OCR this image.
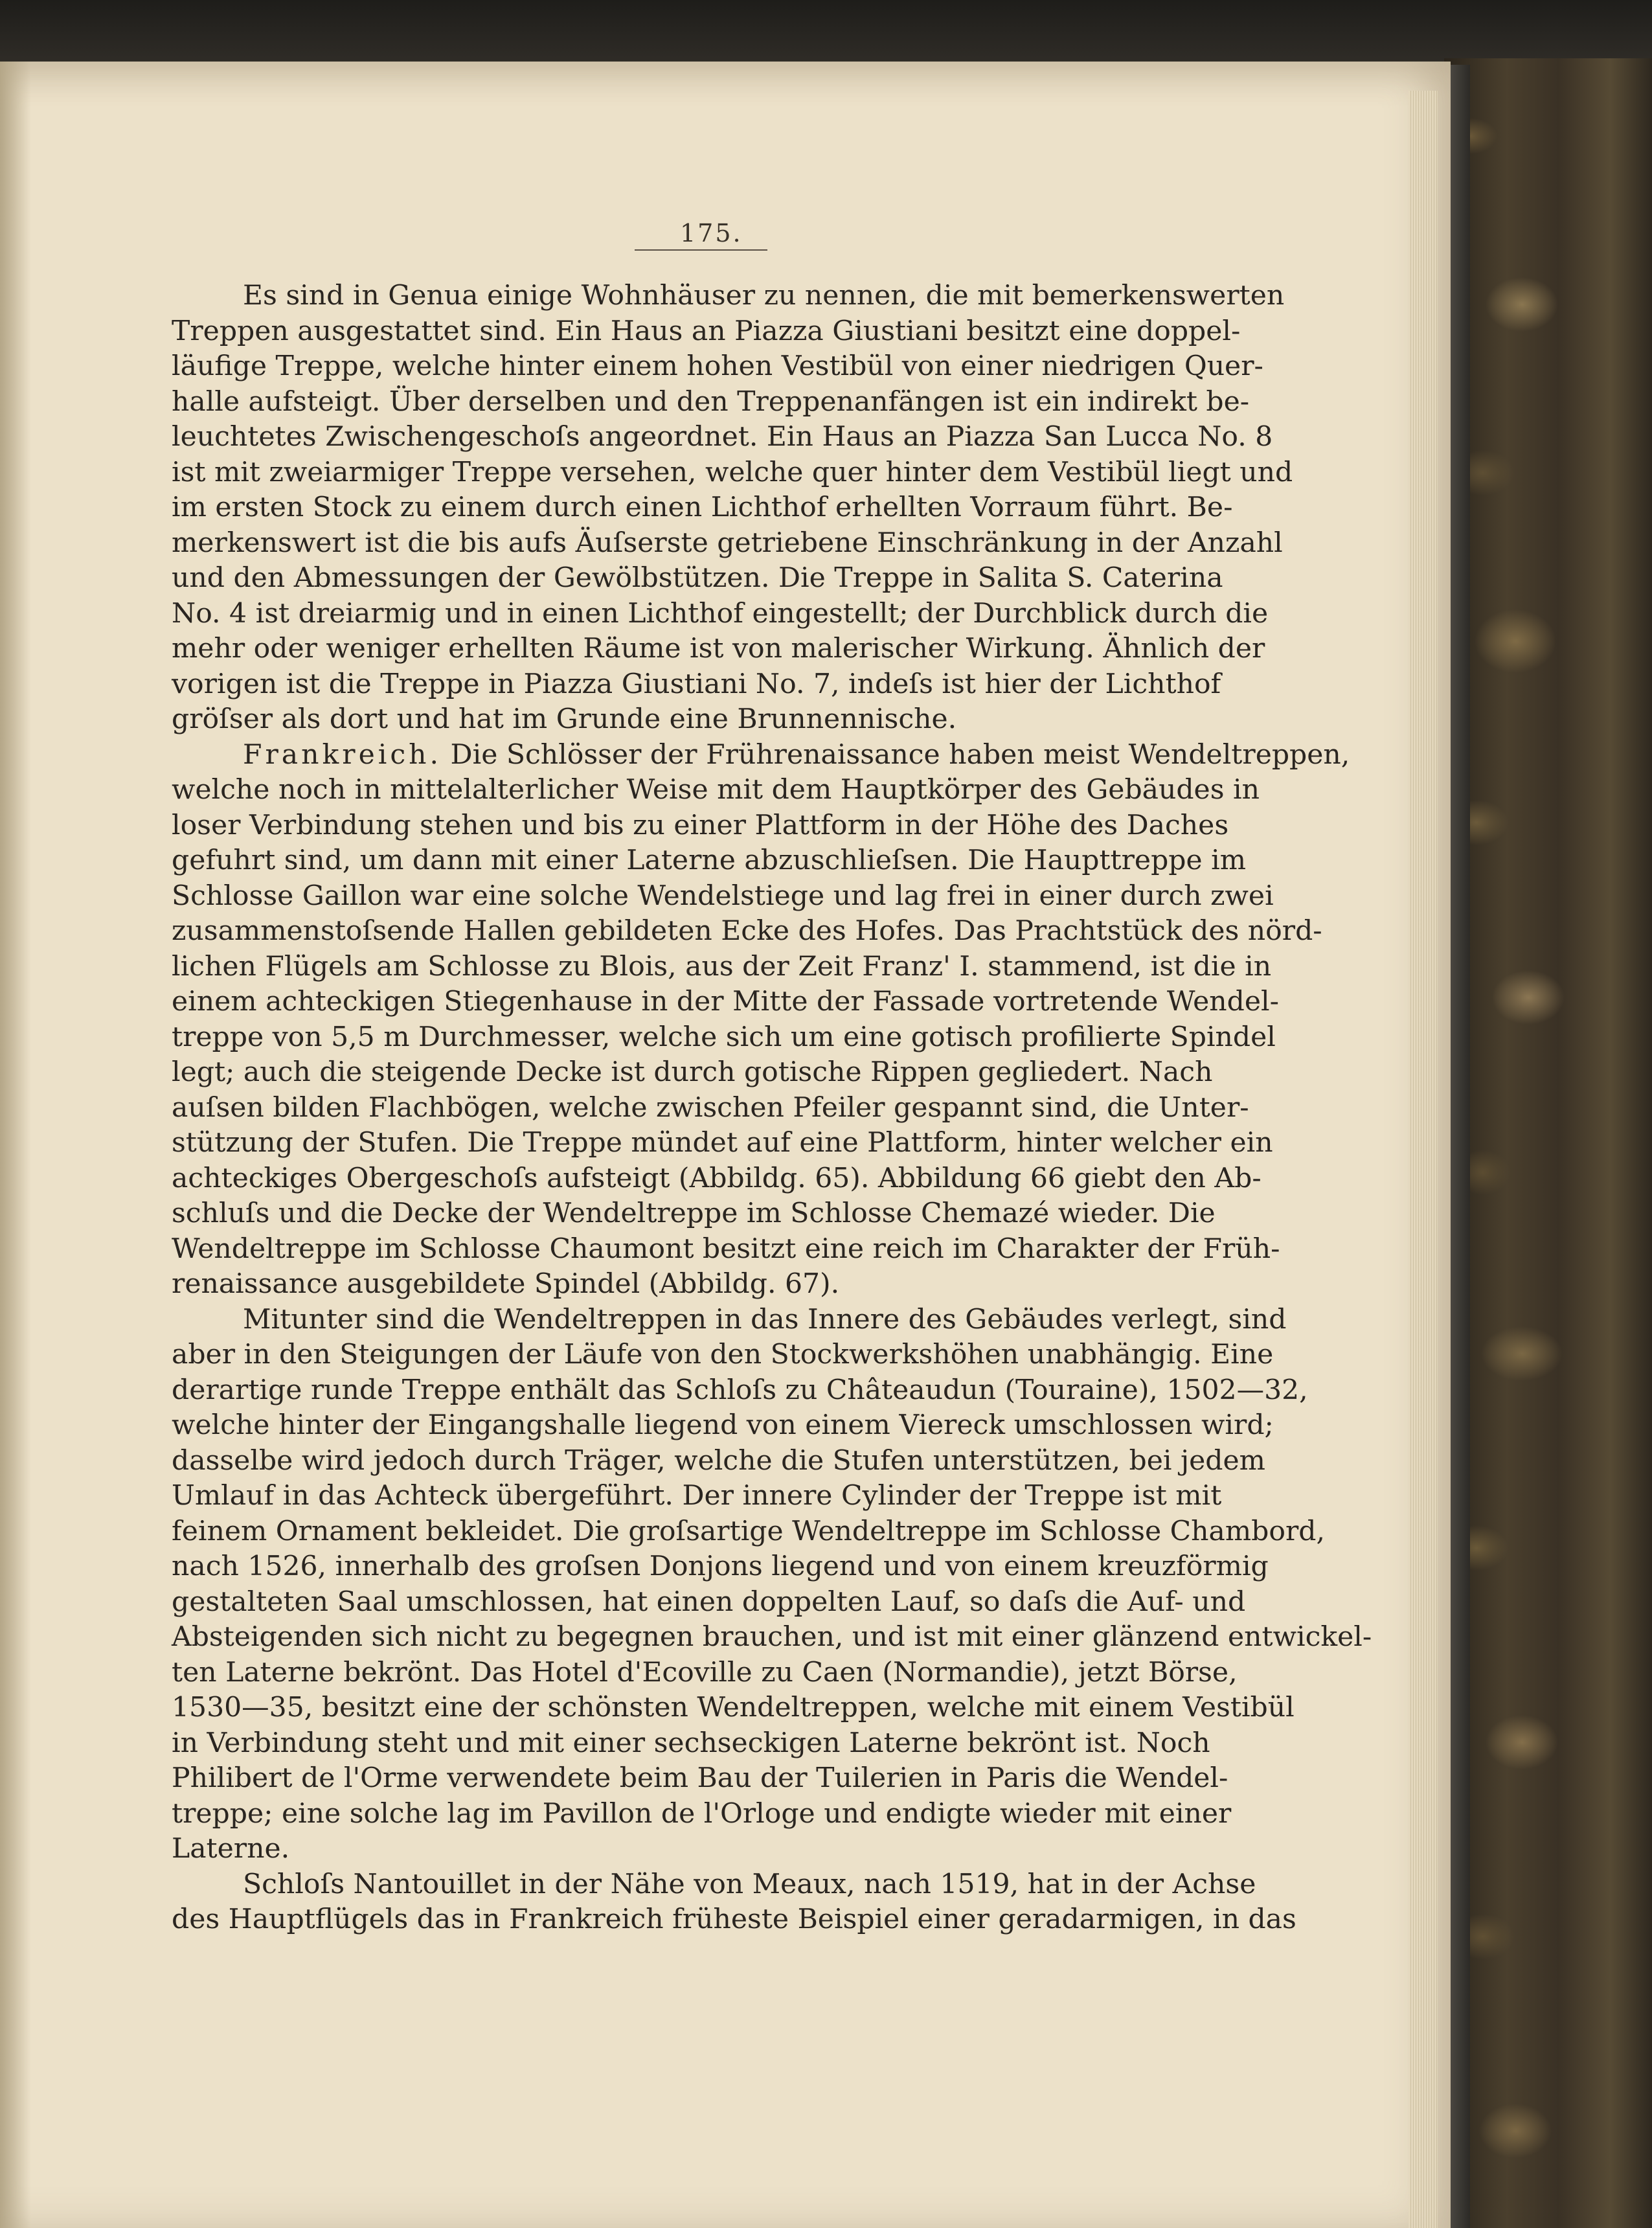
175.
Es sind in Genua einige Wohnhäuser zu nennen, die mit bemerkenswerten
Treppen ausgestattet sind. Ein Haus an Piazza Giustiani besitzt eine doppel-
läufige Treppe, welche hinter einem hohen Vestibül von einer niedrigen Quer-
halle aufsteigt. Über derselben und den Treppenanfängen ist ein indirekt be-
leuchtetes Zwischengeschoſs angeordnet. Ein Haus an Piazza San Lucca No. 8
ist mit zweiarmiger Treppe versehen, welche quer hinter dem Vestibül liegt und
im ersten Stock zu einem durch einen Lichthof erhellten Vorraum führt. Be-
merkenswert ist die bis aufs Äuſserste getriebene Einschränkung in der Anzahl
und den Abmessungen der Gewölbstützen. Die Treppe in Salita S. Caterina
No. 4 ist dreiarmig und in einen Lichthof eingestellt; der Durchblick durch die
mehr oder weniger erhellten Räume ist von malerischer Wirkung. Ähnlich der
vorigen ist die Treppe in Piazza Giustiani No. 7, indeſs ist hier der Lichthof
gröſser als dort und hat im Grunde eine Brunnennische.
Frankreich. Die Schlösser der Frührenaissance haben meist Wendeltreppen,
welche noch in mittelalterlicher Weise mit dem Hauptkörper des Gebäudes in
loser Verbindung stehen und bis zu einer Plattform in der Höhe des Daches
gefuhrt sind, um dann mit einer Laterne abzuschlieſsen. Die Haupttreppe im
Schlosse Gaillon war eine solche Wendelstiege und lag frei in einer durch zwei
zusammenstoſsende Hallen gebildeten Ecke des Hofes. Das Prachtstück des nörd-
lichen Flügels am Schlosse zu Blois, aus der Zeit Franz' I. stammend, ist die in
einem achteckigen Stiegenhause in der Mitte der Fassade vortretende Wendel-
treppe von 5,5 m Durchmesser, welche sich um eine gotisch profilierte Spindel
legt; auch die steigende Decke ist durch gotische Rippen gegliedert. Nach
auſsen bilden Flachbögen, welche zwischen Pfeiler gespannt sind, die Unter-
stützung der Stufen. Die Treppe mündet auf eine Plattform, hinter welcher ein
achteckiges Obergeschoſs aufsteigt (Abbildg. 65). Abbildung 66 giebt den Ab-
schluſs und die Decke der Wendeltreppe im Schlosse Chemazé wieder. Die
Wendeltreppe im Schlosse Chaumont besitzt eine reich im Charakter der Früh-
renaissance ausgebildete Spindel (Abbildg. 67).
Mitunter sind die Wendeltreppen in das Innere des Gebäudes verlegt, sind
aber in den Steigungen der Läufe von den Stockwerkshöhen unabhängig. Eine
derartige runde Treppe enthält das Schloſs zu Châteaudun (Touraine), 1502—32,
welche hinter der Eingangshalle liegend von einem Viereck umschlossen wird;
dasselbe wird jedoch durch Träger, welche die Stufen unterstützen, bei jedem
Umlauf in das Achteck übergeführt. Der innere Cylinder der Treppe ist mit
feinem Ornament bekleidet. Die groſsartige Wendeltreppe im Schlosse Chambord,
nach 1526, innerhalb des groſsen Donjons liegend und von einem kreuzförmig
gestalteten Saal umschlossen, hat einen doppelten Lauf, so daſs die Auf- und
Absteigenden sich nicht zu begegnen brauchen, und ist mit einer glänzend entwickel-
ten Laterne bekrönt. Das Hotel d'Ecoville zu Caen (Normandie), jetzt Börse,
1530—35, besitzt eine der schönsten Wendeltreppen, welche mit einem Vestibül
in Verbindung steht und mit einer sechseckigen Laterne bekrönt ist. Noch
Philibert de l'Orme verwendete beim Bau der Tuilerien in Paris die Wendel-
treppe; eine solche lag im Pavillon de l'Orloge und endigte wieder mit einer
Laterne.
Schloſs Nantouillet in der Nähe von Meaux, nach 1519, hat in der Achse
des Hauptflügels das in Frankreich früheste Beispiel einer geradarmigen, in das
